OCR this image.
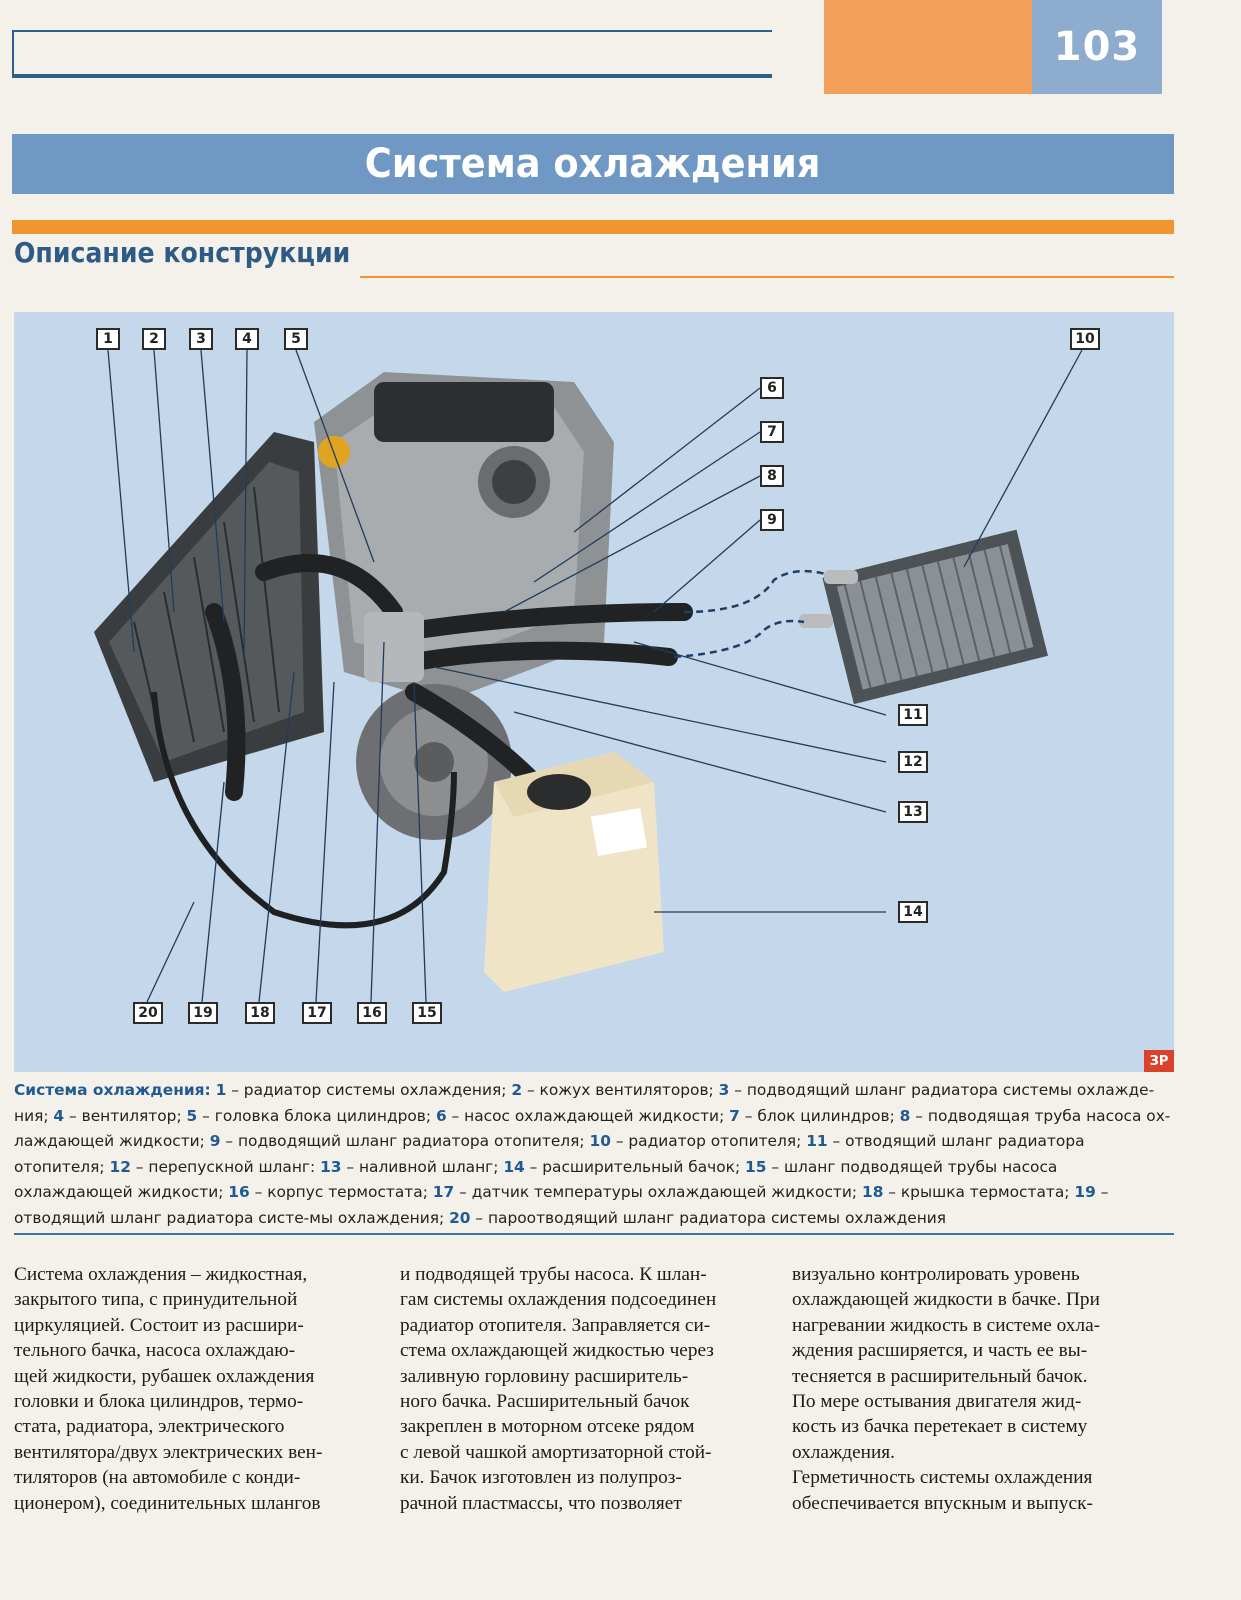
103
Система охлаждения
Описание конструкции
1	2	3	4	5
6
7
8
9
10
11
12
13
14
15
16
17
18
19
20
ЗР
Система охлаждения: 1 – радиатор системы охлаждения; 2 – кожух вентиляторов; 3 – подводящий шланг радиатора системы охлажде-ния; 4 – вентилятор; 5 – головка блока цилиндров; 6 – насос охлаждающей жидкости; 7 – блок цилиндров; 8 – подводящая труба насоса ох-лаждающей жидкости; 9 – подводящий шланг радиатора отопителя; 10 – радиатор отопителя; 11 – отводящий шланг радиатора отопителя; 12 – перепускной шланг: 13 – наливной шланг; 14 – расширительный бачок; 15 – шланг подводящей трубы насоса охлаждающей жидкости; 16 – корпус термостата; 17 – датчик температуры охлаждающей жидкости; 18 – крышка термостата; 19 – отводящий шланг радиатора систе-мы охлаждения; 20 – пароотводящий шланг радиатора системы охлаждения
Система охлаждения – жидкостная,
закрытого типа, с принудительной
циркуляцией. Состоит из расшири-
тельного бачка, насоса охлаждаю-
щей жидкости, рубашек охлаждения
головки и блока цилиндров, термо-
стата, радиатора, электрического
вентилятора/двух электрических вен-
тиляторов (на автомобиле с конди-
ционером), соединительных шлангов
и подводящей трубы насоса. К шлан-
гам системы охлаждения подсоединен
радиатор отопителя. Заправляется си-
стема охлаждающей жидкостью через
заливную горловину расширитель-
ного бачка. Расширительный бачок
закреплен в моторном отсеке рядом
с левой чашкой амортизаторной стой-
ки. Бачок изготовлен из полупроз-
рачной пластмассы, что позволяет
визуально контролировать уровень
охлаждающей жидкости в бачке. При
нагревании жидкость в системе охла-
ждения расширяется, и часть ее вы-
тесняется в расширительный бачок.
По мере остывания двигателя жид-
кость из бачка перетекает в систему
охлаждения.
Герметичность системы охлаждения
обеспечивается впускным и выпуск-
